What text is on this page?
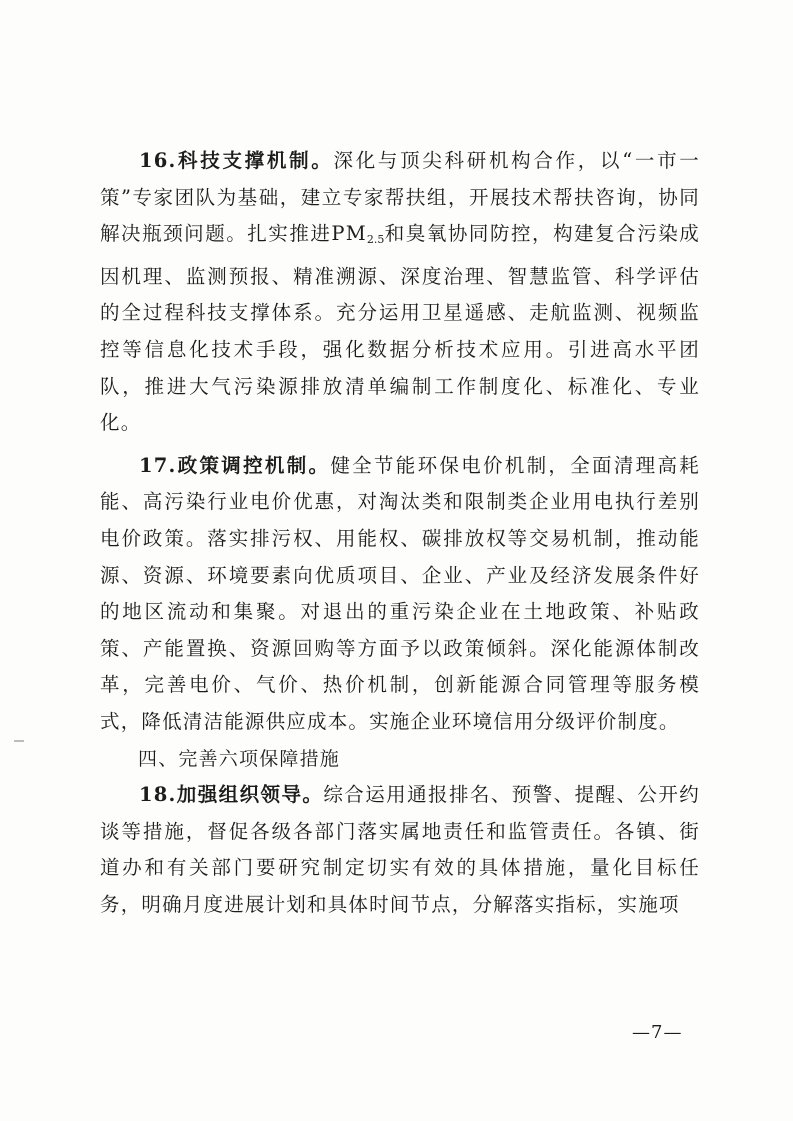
16.科技支撑机制。深化与顶尖科研机构合作，以“一市一策”专家团队为基础，建立专家帮扶组，开展技术帮扶咨询，协同解决瓶颈问题。扎实推进$PM_{2.5}$和臭氧协同防控，构建复合污染成因机理、监测预报、精准溯源、深度治理、智慧监管、科学评估的全过程科技支撑体系。充分运用卫星遥感、走航监测、视频监控等信息化技术手段，强化数据分析技术应用。引进高水平团队，推进大气污染源排放清单编制工作制度化、标准化、专业化。

17.政策调控机制。健全节能环保电价机制，全面清理高耗能、高污染行业电价优惠，对淘汰类和限制类企业用电执行差别电价政策。落实排污权、用能权、碳排放权等交易机制，推动能源、资源、环境要素向优质项目、企业、产业及经济发展条件好的地区流动和集聚。对退出的重污染企业在土地政策、补贴政策、产能置换、资源回购等方面予以政策倾斜。深化能源体制改革，完善电价、气价、热价机制，创新能源合同管理等服务模式，降低清洁能源供应成本。实施企业环境信用分级评价制度。

四、完善六项保障措施

18.加强组织领导。综合运用通报排名、预警、提醒、公开约谈等措施，督促各级各部门落实属地责任和监管责任。各镇、街道办和有关部门要研究制定切实有效的具体措施，量化目标任务，明确月度进展计划和具体时间节点，分解落实指标，实施项

—7—
